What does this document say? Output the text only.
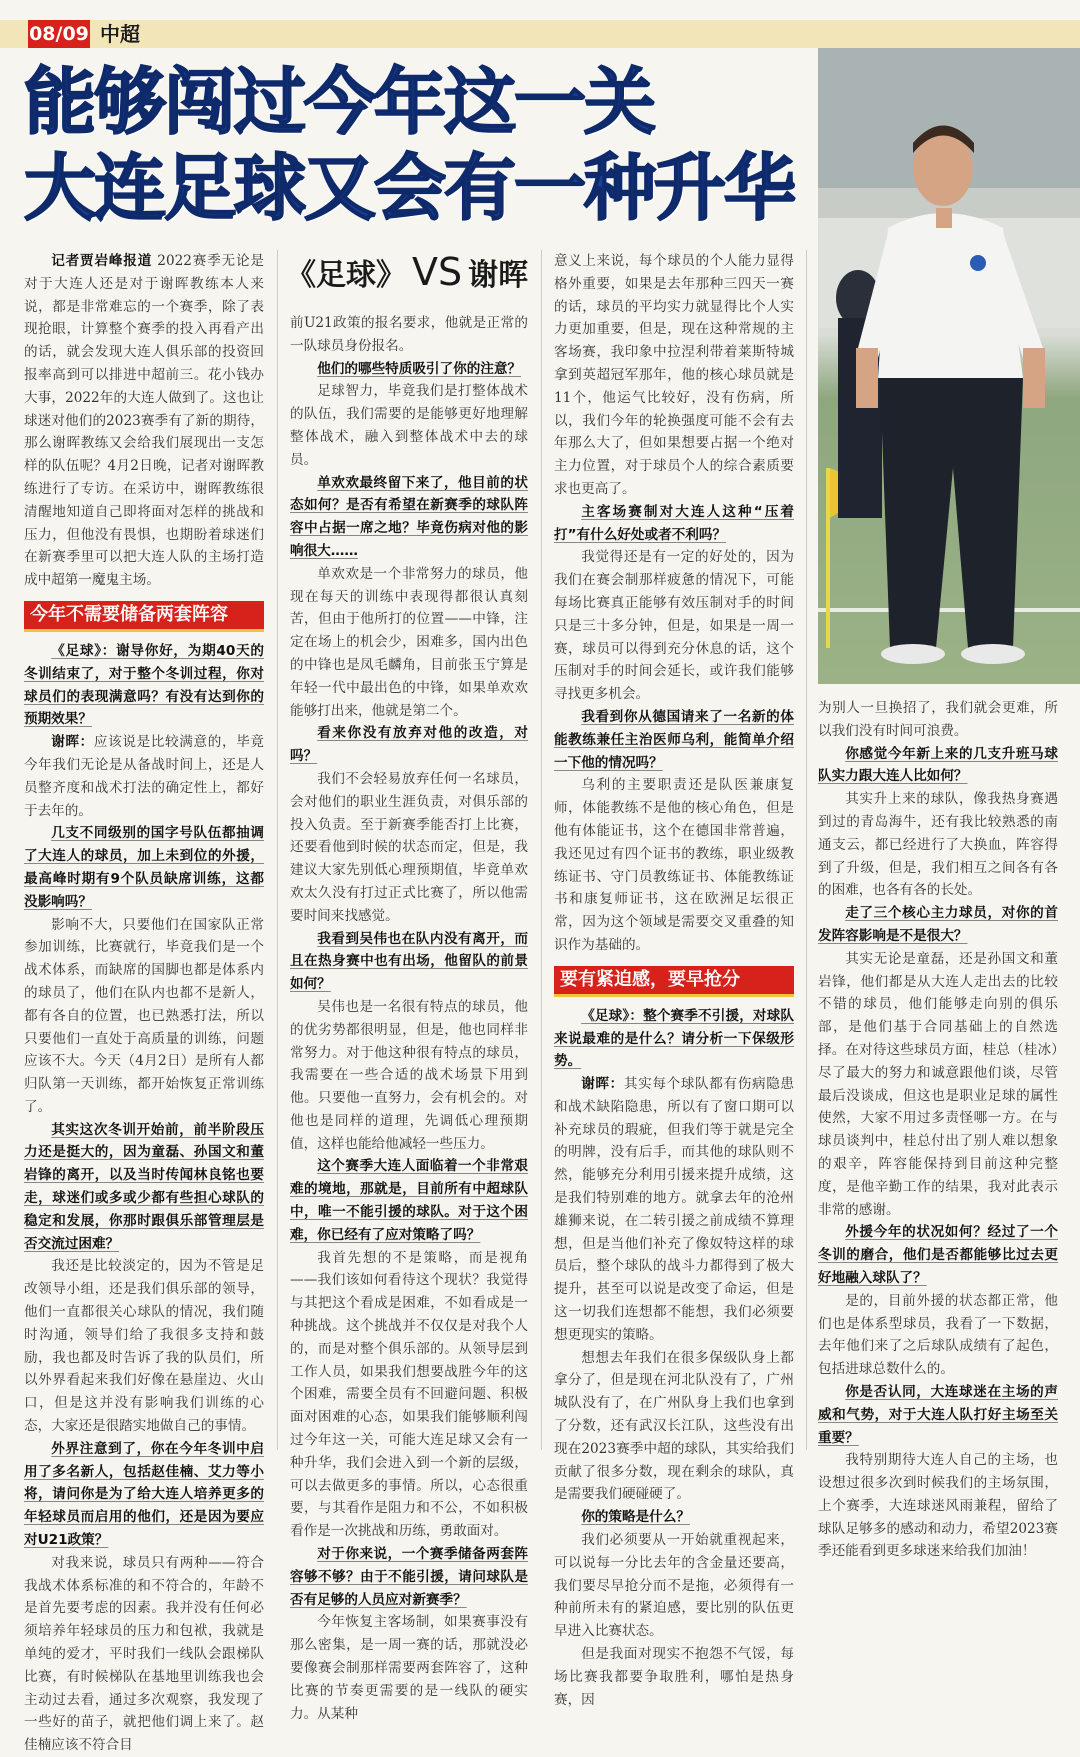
08/09 中超
能够闯过今年这一关
大连足球又会有一种升华
《足球》 VS 谢晖

记者贾岩峰报道 2022赛季无论是对于大连人还是对于谢晖教练本人来说，都是非常难忘的一个赛季，除了表现抢眼，计算整个赛季的投入再看产出的话，就会发现大连人俱乐部的投资回报率高到可以排进中超前三。花小钱办大事，2022年的大连人做到了。这也让球迷对他们的2023赛季有了新的期待，那么谢晖教练又会给我们展现出一支怎样的队伍呢？4月2日晚，记者对谢晖教练进行了专访。在采访中，谢晖教练很清醒地知道自己即将面对怎样的挑战和压力，但他没有畏惧，也期盼着球迷们在新赛季里可以把大连人队的主场打造成中超第一魔鬼主场。

今年不需要储备两套阵容

《足球》：谢导你好，为期40天的冬训结束了，对于整个冬训过程，你对球员们的表现满意吗？有没有达到你的预期效果？

谢晖：应该说是比较满意的，毕竟今年我们无论是从备战时间上，还是人员整齐度和战术打法的确定性上，都好于去年的。

几支不同级别的国字号队伍都抽调了大连人的球员，加上未到位的外援，最高峰时期有9个队员缺席训练，这都没影响吗？

影响不大，只要他们在国家队正常参加训练，比赛就行，毕竟我们是一个战术体系，而缺席的国脚也都是体系内的球员了，他们在队内也都不是新人，都有各自的位置，也已熟悉打法，所以只要他们一直处于高质量的训练，问题应该不大。今天（4月2日）是所有人都归队第一天训练，都开始恢复正常训练了。

其实这次冬训开始前，前半阶段压力还是挺大的，因为童磊、孙国文和董岩锋的离开，以及当时传闻林良铭也要走，球迷们或多或少都有些担心球队的稳定和发展，你那时跟俱乐部管理层是否交流过困难？

我还是比较淡定的，因为不管是足改领导小组，还是我们俱乐部的领导，他们一直都很关心球队的情况，我们随时沟通，领导们给了我很多支持和鼓励，我也都及时告诉了我的队员们，所以外界看起来我们好像在悬崖边、火山口，但是这并没有影响我们训练的心态，大家还是很踏实地做自己的事情。

外界注意到了，你在今年冬训中启用了多名新人，包括赵佳楠、艾力等小将，请问你是为了给大连人培养更多的年轻球员而启用的他们，还是因为要应对U21政策？

对我来说，球员只有两种——符合我战术体系标准的和不符合的，年龄不是首先要考虑的因素。我并没有任何必须培养年轻球员的压力和包袱，我就是单纯的爱才，平时我们一线队会跟梯队比赛，有时候梯队在基地里训练我也会主动过去看，通过多次观察，我发现了一些好的苗子，就把他们调上来了。赵佳楠应该不符合目

前U21政策的报名要求，他就是正常的一队球员身份报名。

他们的哪些特质吸引了你的注意？

足球智力，毕竟我们是打整体战术的队伍，我们需要的是能够更好地理解整体战术，融入到整体战术中去的球员。

单欢欢最终留下来了，他目前的状态如何？是否有希望在新赛季的球队阵容中占据一席之地？毕竟伤病对他的影响很大……

单欢欢是一个非常努力的球员，他现在每天的训练中表现得都很认真刻苦，但由于他所打的位置——中锋，注定在场上的机会少，困难多，国内出色的中锋也是凤毛麟角，目前张玉宁算是年轻一代中最出色的中锋，如果单欢欢能够打出来，他就是第二个。

看来你没有放弃对他的改造，对吗？

我们不会轻易放弃任何一名球员，会对他们的职业生涯负责，对俱乐部的投入负责。至于新赛季能否打上比赛，还要看他到时候的状态而定，但是，我建议大家先别低心理预期值，毕竟单欢欢太久没有打过正式比赛了，所以他需要时间来找感觉。

我看到吴伟也在队内没有离开，而且在热身赛中也有出场，他留队的前景如何？

吴伟也是一名很有特点的球员，他的优劣势都很明显，但是，他也同样非常努力。对于他这种很有特点的球员，我需要在一些合适的战术场景下用到他。只要他一直努力，会有机会的。对他也是同样的道理，先调低心理预期值，这样也能给他减轻一些压力。

这个赛季大连人面临着一个非常艰难的境地，那就是，目前所有中超球队中，唯一不能引援的球队。对于这个困难，你已经有了应对策略了吗？

我首先想的不是策略，而是视角——我们该如何看待这个现状？我觉得与其把这个看成是困难，不如看成是一种挑战。这个挑战并不仅仅是对我个人的，而是对整个俱乐部的。从领导层到工作人员，如果我们想要战胜今年的这个困难，需要全员有不回避问题、积极面对困难的心态，如果我们能够顺利闯过今年这一关，可能大连足球又会有一种升华，我们会进入到一个新的层级，可以去做更多的事情。所以，心态很重要，与其看作是阻力和不公，不如积极看作是一次挑战和历练，勇敢面对。

对于你来说，一个赛季储备两套阵容够不够？由于不能引援，请问球队是否有足够的人员应对新赛季？

今年恢复主客场制，如果赛事没有那么密集，是一周一赛的话，那就没必要像赛会制那样需要两套阵容了，这种比赛的节奏更需要的是一线队的硬实力。从某种

意义上来说，每个球员的个人能力显得格外重要，如果是去年那种三四天一赛的话，球员的平均实力就显得比个人实力更加重要，但是，现在这种常规的主客场赛，我印象中拉涅利带着莱斯特城拿到英超冠军那年，他的核心球员就是11个，他运气比较好，没有伤病，所以，我们今年的轮换强度可能不会有去年那么大了，但如果想要占据一个绝对主力位置，对于球员个人的综合素质要求也更高了。

主客场赛制对大连人这种“压着打”有什么好处或者不利吗？

我觉得还是有一定的好处的，因为我们在赛会制那样疲惫的情况下，可能每场比赛真正能够有效压制对手的时间只是三十多分钟，但是，如果是一周一赛，球员可以得到充分休息的话，这个压制对手的时间会延长，或许我们能够寻找更多机会。

我看到你从德国请来了一名新的体能教练兼任主治医师乌利，能简单介绍一下他的情况吗？

乌利的主要职责还是队医兼康复师，体能教练不是他的核心角色，但是他有体能证书，这个在德国非常普遍，我还见过有四个证书的教练，职业级教练证书、守门员教练证书、体能教练证书和康复师证书，这在欧洲足坛很正常，因为这个领域是需要交叉重叠的知识作为基础的。

要有紧迫感，要早抢分

《足球》：整个赛季不引援，对球队来说最难的是什么？请分析一下保级形势。

谢晖：其实每个球队都有伤病隐患和战术缺陷隐患，所以有了窗口期可以补充球员的瑕疵，但我们等于就是完全的明牌，没有后手，而其他的球队则不然，能够充分利用引援来提升成绩，这是我们特别难的地方。就拿去年的沧州雄狮来说，在二转引援之前成绩不算理想，但是当他们补充了像奴特这样的球员后，整个球队的战斗力都得到了极大提升，甚至可以说是改变了命运，但是这一切我们连想都不能想，我们必须要想更现实的策略。

想想去年我们在很多保级队身上都拿分了，但是现在河北队没有了，广州城队没有了，在广州队身上我们也拿到了分数，还有武汉长江队，这些没有出现在2023赛季中超的球队，其实给我们贡献了很多分数，现在剩余的球队，真是需要我们硬碰硬了。

你的策略是什么？

我们必须要从一开始就重视起来，可以说每一分比去年的含金量还要高，我们要尽早抢分而不是拖，必须得有一种前所未有的紧迫感，要比别的队伍更早进入比赛状态。

但是我面对现实不抱怨不气馁，每场比赛我都要争取胜利，哪怕是热身赛，因

为别人一旦换招了，我们就会更难，所以我们没有时间可浪费。

你感觉今年新上来的几支升班马球队实力跟大连人比如何？

其实升上来的球队，像我热身赛遇到过的青岛海牛，还有我比较熟悉的南通支云，都已经进行了大换血，阵容得到了升级，但是，我们相互之间各有各的困难，也各有各的长处。

走了三个核心主力球员，对你的首发阵容影响是不是很大？

其实无论是童磊，还是孙国文和董岩锋，他们都是从大连人走出去的比较不错的球员，他们能够走向别的俱乐部，是他们基于合同基础上的自然选择。在对待这些球员方面，桂总（桂冰）尽了最大的努力和诚意跟他们谈，尽管最后没谈成，但这也是职业足球的属性使然，大家不用过多责怪哪一方。在与球员谈判中，桂总付出了别人难以想象的艰辛，阵容能保持到目前这种完整度，是他辛勤工作的结果，我对此表示非常的感谢。

外援今年的状况如何？经过了一个冬训的磨合，他们是否都能够比过去更好地融入球队了？

是的，目前外援的状态都正常，他们也是体系型球员，我看了一下数据，去年他们来了之后球队成绩有了起色，包括进球总数什么的。

你是否认同，大连球迷在主场的声威和气势，对于大连人队打好主场至关重要？

我特别期待大连人自己的主场，也设想过很多次到时候我们的主场氛围，上个赛季，大连球迷风雨兼程，留给了球队足够多的感动和动力，希望2023赛季还能看到更多球迷来给我们加油！
